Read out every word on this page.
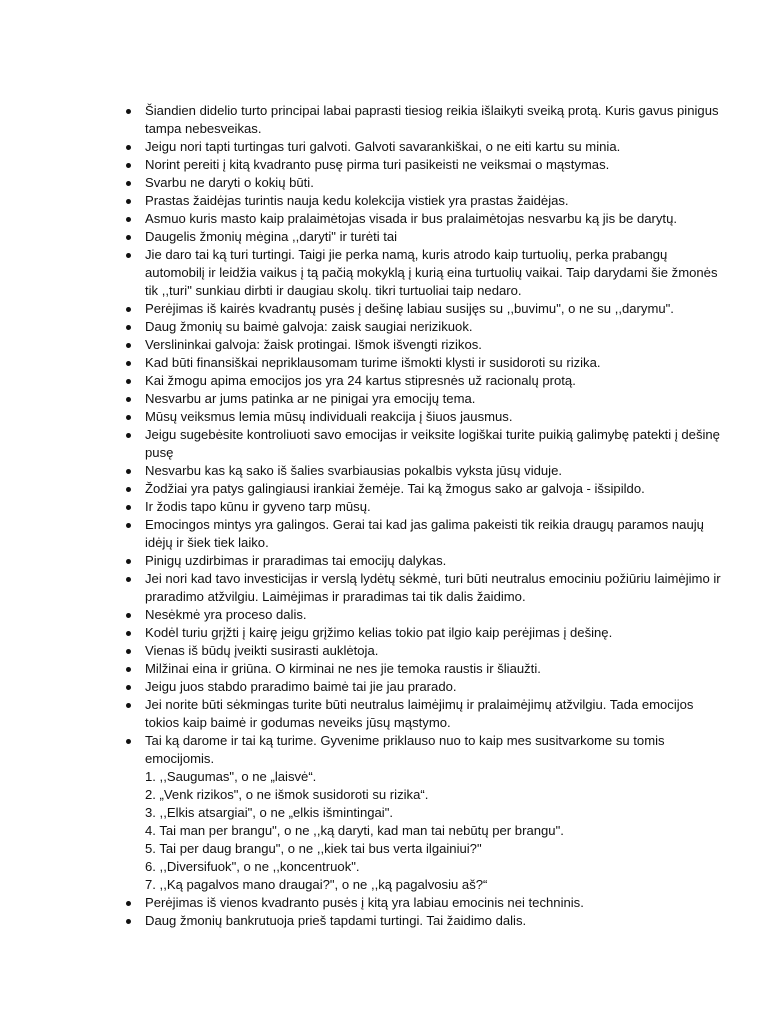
Šiandien didelio turto principai labai paprasti tiesiog reikia išlaikyti sveiką protą. Kuris gavus pinigus tampa nebesveikas.
Jeigu nori tapti turtingas turi galvoti. Galvoti savarankiškai, o ne eiti kartu su minia.
Norint pereiti į kitą kvadranto pusę pirma turi pasikeisti ne veiksmai o mąstymas.
Svarbu ne daryti o kokių būti.
Prastas žaidėjas turintis nauja kedu kolekcija vistiek yra prastas žaidėjas.
Asmuo kuris masto kaip pralaimėtojas visada ir bus pralaimėtojas nesvarbu ką jis be darytų.
Daugelis žmonių mėgina ,,daryti" ir turėti tai
Jie daro tai ką turi turtingi. Taigi jie perka namą, kuris atrodo kaip turtuolių, perka prabangų automobilį ir leidžia vaikus į tą pačią mokyklą į kurią eina turtuolių vaikai. Taip darydami šie žmonės tik ,,turi" sunkiau dirbti ir daugiau skolų. tikri turtuoliai taip nedaro.
Perėjimas iš kairės kvadrantų pusės į dešinę labiau susijęs su ,,buvimu", o ne su ,,darymu".
Daug žmonių su baimė galvoja: zaisk saugiai nerizikuok.
Verslininkai galvoja: žaisk protingai. Išmok išvengti rizikos.
Kad būti finansiškai nepriklausomam turime išmokti klysti ir susidoroti su rizika.
Kai žmogu apima emocijos jos yra 24 kartus stipresnės už racionalų protą.
Nesvarbu ar jums patinka ar ne pinigai yra emocijų tema.
Mūsų veiksmus lemia mūsų individuali reakcija į šiuos jausmus.
Jeigu sugebėsite kontroliuoti savo emocijas ir veiksite logiškai turite puikią galimybę patekti į dešinę pusę
Nesvarbu kas ką sako iš šalies svarbiausias pokalbis vyksta jūsų viduje.
Žodžiai yra patys galingiausi irankiai žemėje. Tai ką žmogus sako ar galvoja - išsipildo.
Ir žodis tapo kūnu ir gyveno tarp mūsų.
Emocingos mintys yra galingos. Gerai tai kad jas galima pakeisti tik reikia draugų paramos naujų idėjų ir šiek tiek laiko.
Pinigų uzdirbimas ir praradimas tai emocijų dalykas.
Jei nori kad tavo investicijas ir verslą lydėtų sėkmė, turi būti neutralus emociniu požiūriu laimėjimo ir praradimo atžvilgiu. Laimėjimas ir praradimas tai tik dalis žaidimo.
Nesėkmė yra proceso dalis.
Kodėl turiu grįžti į kairę jeigu grįžimo kelias tokio pat ilgio kaip perėjimas į dešinę.
Vienas iš būdų įveikti susirasti auklėtoja.
Milžinai eina ir griūna. O kirminai ne nes jie temoka raustis ir šliaužti.
Jeigu juos stabdo praradimo baimė tai jie jau prarado.
Jei norite būti sėkmingas turite būti neutralus laimėjimų ir pralaimėjimų atžvilgiu. Tada emocijos tokios kaip baimė ir godumas neveiks jūsų mąstymo.
Tai ką darome ir tai ką turime. Gyvenime priklauso nuo to kaip mes susitvarkome su tomis emocijomis.
1. ,,Saugumas", o ne „laisvė“.
2. „Venk rizikos", o ne išmok susidoroti su rizika“.
3. ,,Elkis atsargiai", o ne „elkis išmintingai".
4. Tai man per brangu", o ne ,,ką daryti, kad man tai nebūtų per brangu".
5. Tai per daug brangu", o ne ,,kiek tai bus verta ilgainiui?"
6. ,,Diversifuok", o ne ,,koncentruok".
7. ,,Ką pagalvos mano draugai?", o ne ,,ką pagalvosiu aš?“
Perėjimas iš vienos kvadranto pusės į kitą yra labiau emocinis nei techninis.
Daug žmonių bankrutuoja prieš tapdami turtingi. Tai žaidimo dalis.
